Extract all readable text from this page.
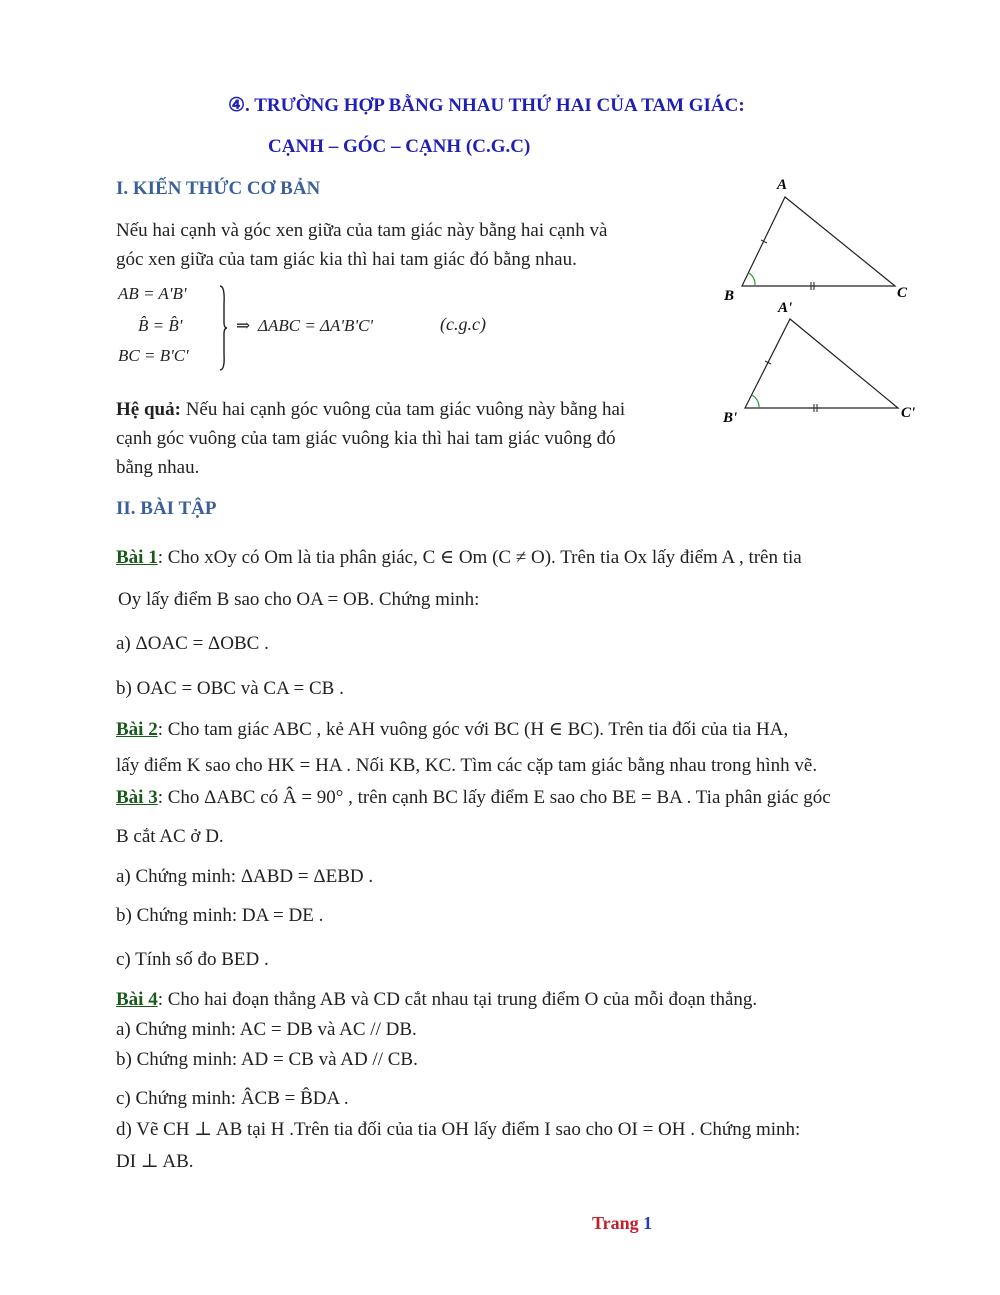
④. TRƯỜNG HỢP BẰNG NHAU THỨ HAI CỦA TAM GIÁC:
CẠNH – GÓC – CẠNH (C.G.C)
I. KIẾN THỨC CƠ BẢN
Nếu hai cạnh và góc xen giữa của tam giác này bằng hai cạnh và
góc xen giữa của tam giác kia thì hai tam giác đó bằng nhau.
AB = A'B'
B̂ = B̂'
BC = B'C'
⇒ ΔABC = ΔA'B'C'	(c.g.c)
Hệ quả: Nếu hai cạnh góc vuông của tam giác vuông này bằng hai
cạnh góc vuông của tam giác vuông kia thì hai tam giác vuông đó
bằng nhau.
A
B	C
A'
B'	C'
II. BÀI TẬP
Bài 1: Cho xOy có Om là tia phân giác, C ∈ Om (C ≠ O). Trên tia Ox lấy điểm A , trên tia
Oy lấy điểm B sao cho OA = OB. Chứng minh:
a) ΔOAC = ΔOBC .
b) OAC = OBC và CA = CB .
Bài 2: Cho tam giác ABC , kẻ AH vuông góc với BC (H ∈ BC). Trên tia đối của tia HA,
lấy điểm K sao cho HK = HA . Nối KB, KC. Tìm các cặp tam giác bằng nhau trong hình vẽ.
Bài 3: Cho ΔABC có Â = 90° , trên cạnh BC lấy điểm E sao cho BE = BA . Tia phân giác góc
B cắt AC ở D.
a) Chứng minh: ΔABD = ΔEBD .
b) Chứng minh: DA = DE .
c) Tính số đo BED .
Bài 4: Cho hai đoạn thẳng AB và CD cắt nhau tại trung điểm O của mỗi đoạn thẳng.
a) Chứng minh: AC = DB và AC // DB.
b) Chứng minh: AD = CB và AD // CB.
c) Chứng minh: ÂCB = B̂DA .
d) Vẽ CH ⊥ AB tại H .Trên tia đối của tia OH lấy điểm I sao cho OI = OH . Chứng minh:
DI ⊥ AB.
Trang 1
